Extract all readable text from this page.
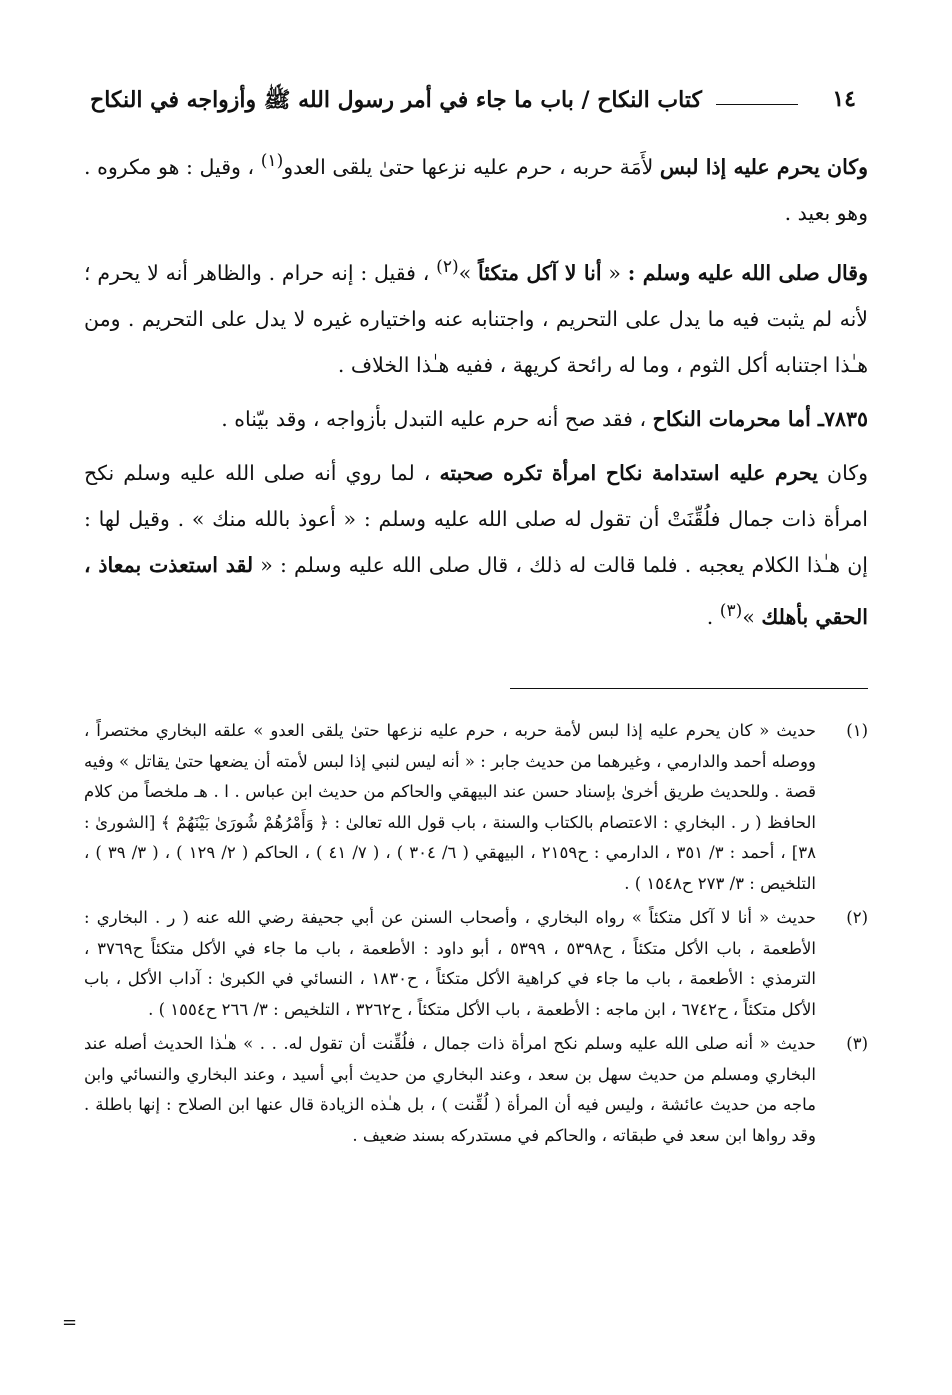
١٤
كتاب النكاح / باب ما جاء في أمر رسول الله ﷺ وأزواجه في النكاح

وكان يحرم عليه إذا لبس لأَمَة حربه ، حرم عليه نزعها حتىٰ يلقى العدو$^{(١)}$ ، وقيل : هو مكروه . وهو بعيد .

وقال صلى الله عليه وسلم : « أنا لا آكل متكئاً »$^{(٢)}$ ، فقيل : إنه حرام . والظاهر أنه لا يحرم ؛ لأنه لم يثبت فيه ما يدل على التحريم ، واجتنابه عنه واختياره غيره لا يدل على التحريم . ومن هـٰذا اجتنابه أكل الثوم ، وما له رائحة كريهة ، ففيه هـٰذا الخلاف .

٧٨٣٥ـ أما محرمات النكاح ، فقد صح أنه حرم عليه التبدل بأزواجه ، وقد بيّناه .

وكان يحرم عليه استدامة نكاح امرأة تكره صحبته ، لما روي أنه صلى الله عليه وسلم نكح امرأة ذات جمال فلُقِّنَتْ أن تقول له صلى الله عليه وسلم : « أعوذ بالله منك » . وقيل لها : إن هـٰذا الكلام يعجبه . فلما قالت له ذلك ، قال صلى الله عليه وسلم : « لقد استعذت بمعاذ ، الحقي بأهلك »$^{(٣)}$ .

(١)
حديث « كان يحرم عليه إذا لبس لأمة حربه ، حرم عليه نزعها حتىٰ يلقى العدو » علقه البخاري مختصراً ، ووصله أحمد والدارمي ، وغيرهما من حديث جابر : « أنه ليس لنبي إذا لبس لأمته أن يضعها حتىٰ يقاتل » وفيه قصة . وللحديث طريق أخرىٰ بإسناد حسن عند البيهقي والحاكم من حديث ابن عباس . ا . هـ ملخصاً من كلام الحافظ ( ر . البخاري : الاعتصام بالكتاب والسنة ، باب قول الله تعالىٰ : ﴿ وَأَمْرُهُمْ شُورَىٰ بَيْنَهُمْ ﴾ [الشورىٰ : ٣٨] ، أحمد : ٣/ ٣٥١ ، الدارمي : ح٢١٥٩ ، البيهقي ( ٦/ ٣٠٤ ) ، ( ٧/ ٤١ ) ، الحاكم ( ٢/ ١٢٩ ) ، ( ٣/ ٣٩ ) ، التلخيص : ٣/ ٢٧٣ ح١٥٤٨ ) .
(٢)
حديث « أنا لا آكل متكئاً » رواه البخاري ، وأصحاب السنن عن أبي جحيفة رضي الله عنه ( ر . البخاري : الأطعمة ، باب الأكل متكئاً ، ح٥٣٩٨ ، ٥٣٩٩ ، أبو داود : الأطعمة ، باب ما جاء في الأكل متكئاً ح٣٧٦٩ ، الترمذي : الأطعمة ، باب ما جاء في كراهية الأكل متكئاً ، ح١٨٣٠ ، النسائي في الكبرىٰ : آداب الأكل ، باب الأكل متكئاً ، ح٦٧٤٢ ، ابن ماجه : الأطعمة ، باب الأكل متكئاً ، ح٣٢٦٢ ، التلخيص : ٣/ ٢٦٦ ح١٥٥٤ ) .
(٣)
حديث « أنه صلى الله عليه وسلم نكح امرأة ذات جمال ، فلُقِّنت أن تقول له. . . » هـٰذا الحديث أصله عند البخاري ومسلم من حديث سهل بن سعد ، وعند البخاري من حديث أبي أسيد ، وعند البخاري والنسائي وابن ماجه من حديث عائشة ، وليس فيه أن المرأة ( لُقِّنت ) ، بل هـٰذه الزيادة قال عنها ابن الصلاح : إنها باطلة . وقد رواها ابن سعد في طبقاته ، والحاكم في مستدركه بسند ضعيف .
=
